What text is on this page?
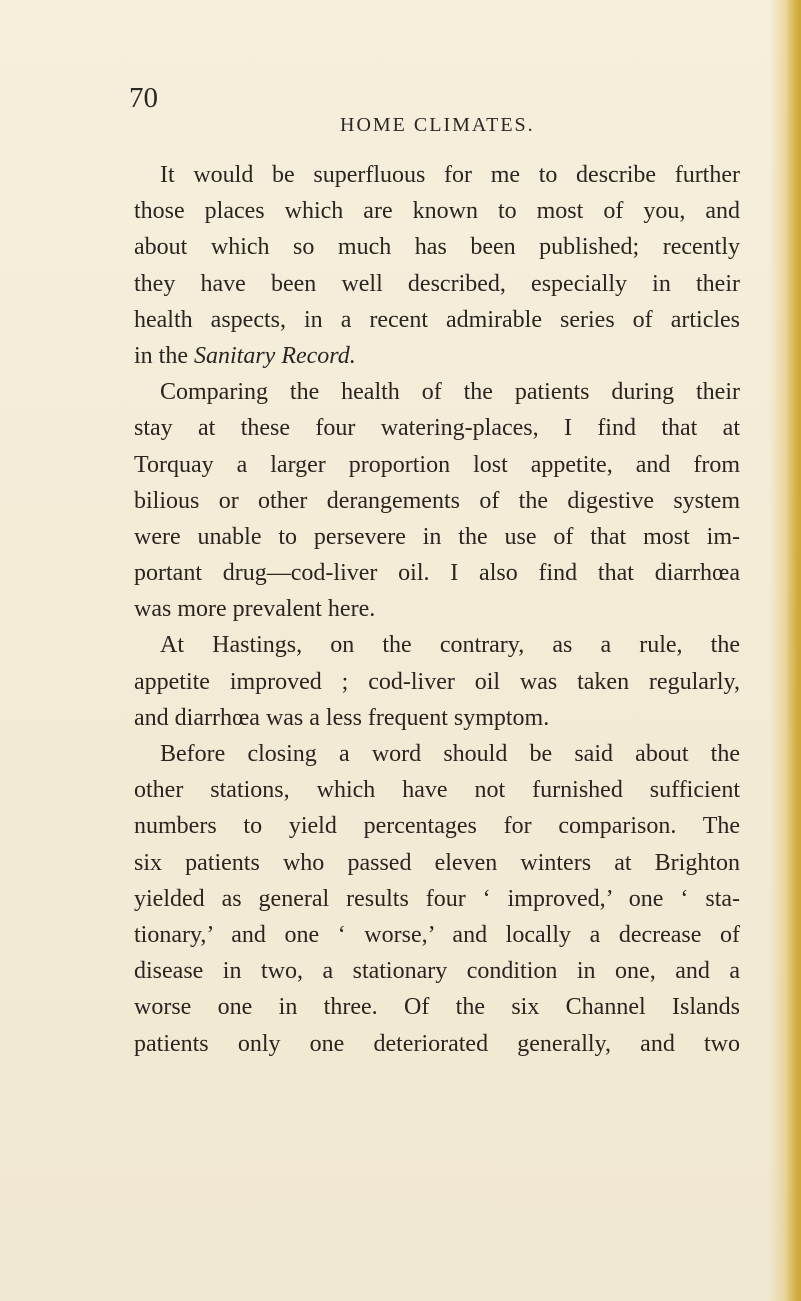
70
HOME CLIMATES.
It would be superfluous for me to describe further
those places which are known to most of you, and
about which so much has been published; recently
they have been well described, especially in their
health aspects, in a recent admirable series of articles
in the Sanitary Record.
Comparing the health of the patients during their
stay at these four watering-places, I find that at
Torquay a larger proportion lost appetite, and from
bilious or other derangements of the digestive system
were unable to persevere in the use of that most im-
portant drug—cod-liver oil. I also find that diarrhœa
was more prevalent here.
At Hastings, on the contrary, as a rule, the
appetite improved ; cod-liver oil was taken regularly,
and diarrhœa was a less frequent symptom.
Before closing a word should be said about the
other stations, which have not furnished sufficient
numbers to yield percentages for comparison. The
six patients who passed eleven winters at Brighton
yielded as general results four ‘ improved,’ one ‘ sta-
tionary,’ and one ‘ worse,’ and locally a decrease of
disease in two, a stationary condition in one, and a
worse one in three. Of the six Channel Islands
patients only one deteriorated generally, and two
